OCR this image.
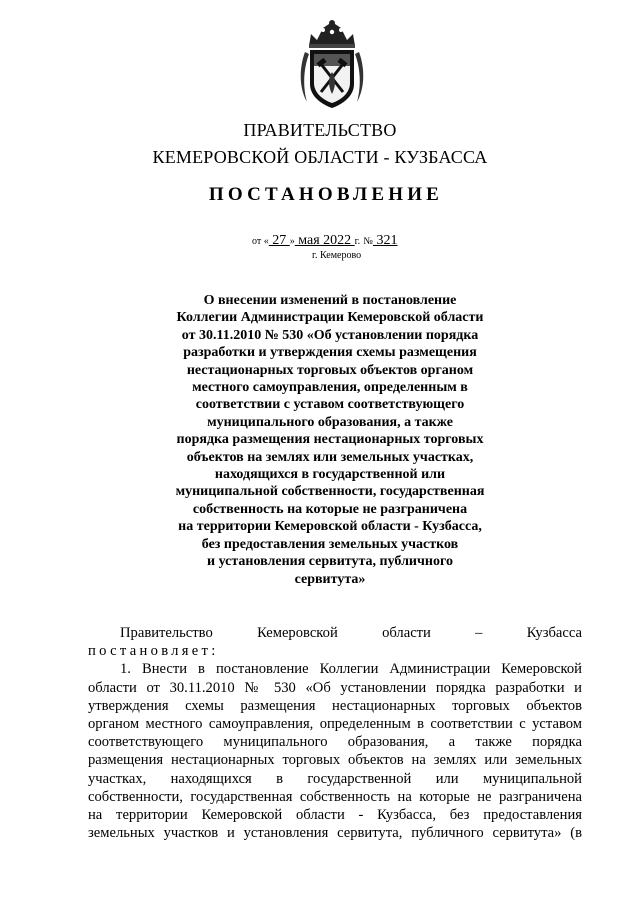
ПРАВИТЕЛЬСТВО
КЕМЕРОВСКОЙ ОБЛАСТИ - КУЗБАССА
ПОСТАНОВЛЕНИЕ
от « 27 » мая 2022 г. № 321
г. Кемерово
О внесении изменений в постановление
Коллегии Администрации Кемеровской области
от 30.11.2010 № 530 «Об установлении порядка
разработки и утверждения схемы размещения
нестационарных торговых объектов органом
местного самоуправления, определенным в
соответствии с уставом соответствующего
муниципального образования, а также
порядка размещения нестационарных торговых
объектов на землях или земельных участках,
находящихся в государственной или
муниципальной собственности, государственная
собственность на которые не разграничена
на территории Кемеровской области - Кузбасса,
без предоставления земельных участков
и установления сервитута, публичного
сервитута»
Правительство Кемеровской области – Кузбасса
постановляет:
1. Внести в постановление Коллегии Администрации Кемеровской
области от 30.11.2010 № 530 «Об установлении порядка разработки и
утверждения схемы размещения нестационарных торговых объектов
органом местного самоуправления, определенным в соответствии с уставом
соответствующего муниципального образования, а также порядка
размещения нестационарных торговых объектов на землях или земельных
участках, находящихся в государственной или муниципальной
собственности, государственная собственность на которые не разграничена
на территории Кемеровской области - Кузбасса, без предоставления
земельных участков и установления сервитута, публичного сервитута» (в
